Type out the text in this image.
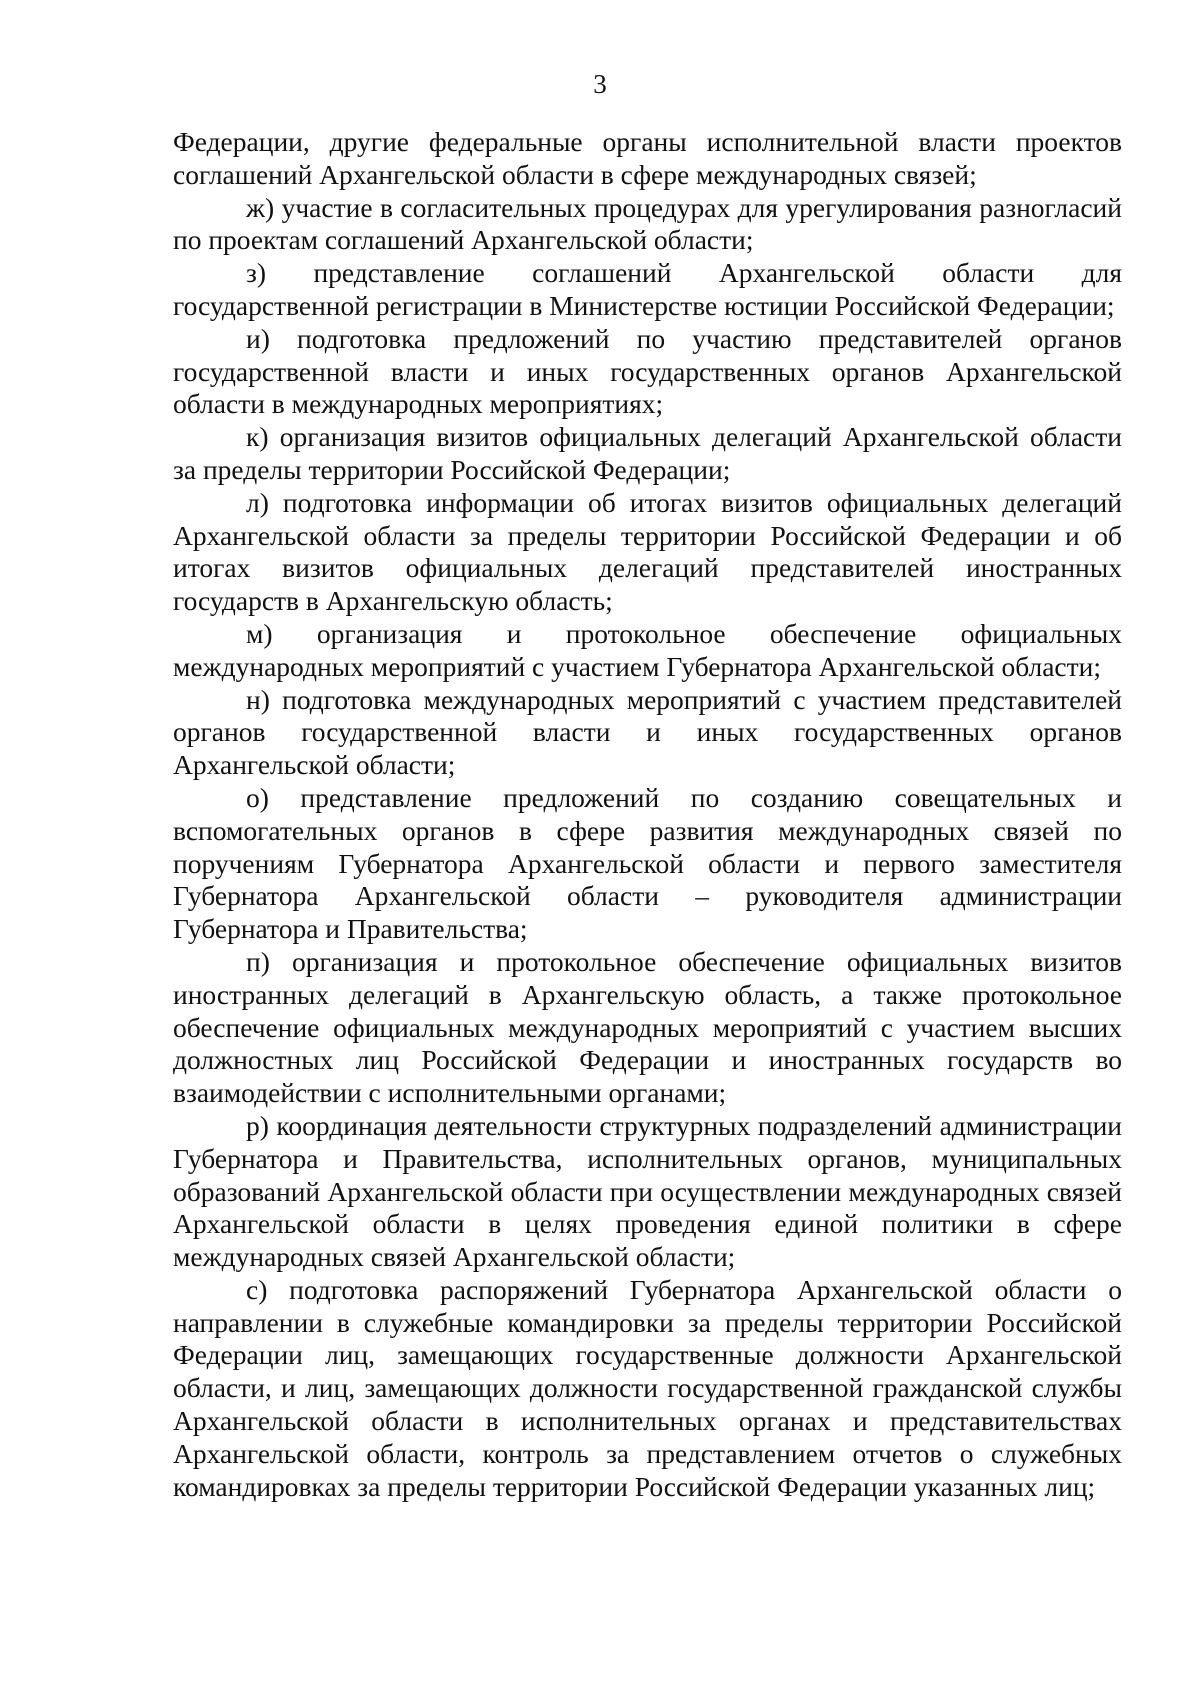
3

Федерации, другие федеральные органы исполнительной власти проектов соглашений Архангельской области в сфере международных связей;

ж) участие в согласительных процедурах для урегулирования разногласий по проектам соглашений Архангельской области;

з) представление соглашений Архангельской области для государственной регистрации в Министерстве юстиции Российской Федерации;

и) подготовка предложений по участию представителей органов государственной власти и иных государственных органов Архангельской области в международных мероприятиях;

к) организация визитов официальных делегаций Архангельской области за пределы территории Российской Федерации;

л) подготовка информации об итогах визитов официальных делегаций Архангельской области за пределы территории Российской Федерации и об итогах визитов официальных делегаций представителей иностранных государств в Архангельскую область;

м) организация и протокольное обеспечение официальных международных мероприятий с участием Губернатора Архангельской области;

н) подготовка международных мероприятий с участием представителей органов государственной власти и иных государственных органов Архангельской области;

о) представление предложений по созданию совещательных и вспомогательных органов в сфере развития международных связей по поручениям Губернатора Архангельской области и первого заместителя Губернатора Архангельской области – руководителя администрации Губернатора и Правительства;

п) организация и протокольное обеспечение официальных визитов иностранных делегаций в Архангельскую область, а также протокольное обеспечение официальных международных мероприятий с участием высших должностных лиц Российской Федерации и иностранных государств во взаимодействии с исполнительными органами;

р) координация деятельности структурных подразделений администрации Губернатора и Правительства, исполнительных органов, муниципальных образований Архангельской области при осуществлении международных связей Архангельской области в целях проведения единой политики в сфере международных связей Архангельской области;

с) подготовка распоряжений Губернатора Архангельской области о направлении в служебные командировки за пределы территории Российской Федерации лиц, замещающих государственные должности Архангельской области, и лиц, замещающих должности государственной гражданской службы Архангельской области в исполнительных органах и представительствах Архангельской области, контроль за представлением отчетов о служебных командировках за пределы территории Российской Федерации указанных лиц;
